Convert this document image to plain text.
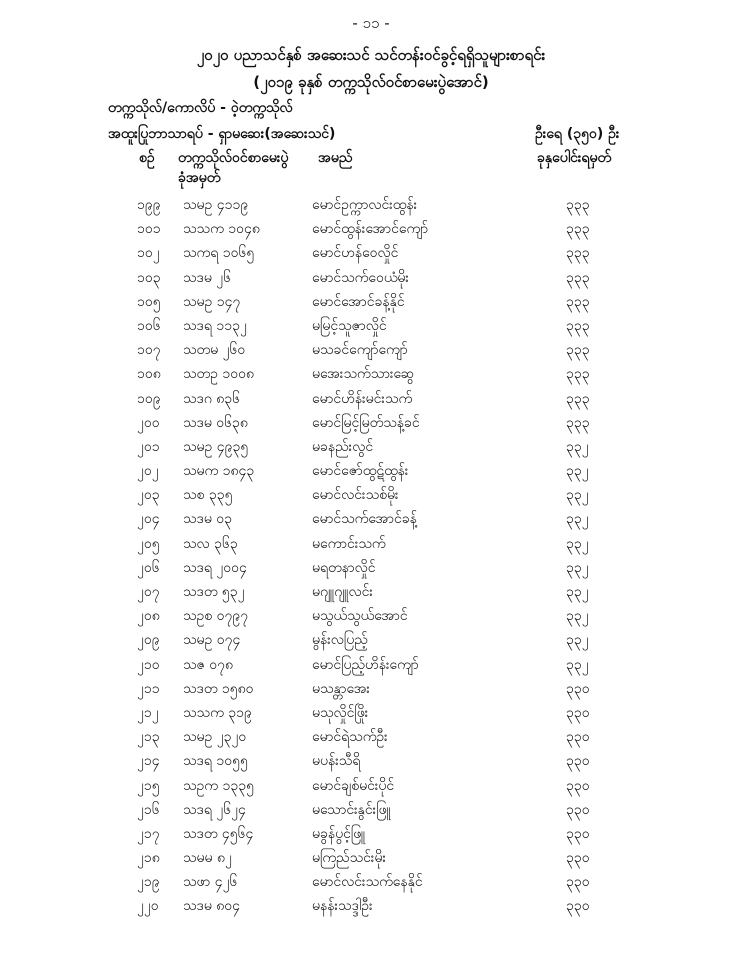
- ၁၁ -
၂၀၂၀ ပညာသင်နှစ် အဆေးသင် သင်တန်းဝင်ခွင့်ရရှိသူများစာရင်း
(၂၀၁၉ ခုနှစ် တက္ကသိုလ်ဝင်စာမေးပွဲအောင်)
တက္ကသိုလ်/ကောလိပ် - ဝဲ့တက္ကသိုလ်
အထူးပြုဘာသာရပ် - ရှာမဆေး(အဆေးသင်)	ဦးရေ (၃၅၀) ဦး
စဉ် တက္ကသိုလ်ဝင်စာမေးပွဲ
ခုံအမှတ်
အမည်	ခုနှပေါင်းရမှတ်
၁၉၉ သမဥ ၄၁၁၉	မောင်ဥက္ကာလင်းထွန်း	၃၃၃
၁၀၁ သသက ၁၀၄၈	မောင်ထွန်းအောင်ကျော်	၃၃၃
၁၀၂ သကရ ၁၀၆၅	မောင်ဟန်ဝေလှိုင်	၃၃၃
၁၀၃ သဒမ ၂၆	မောင်သက်ဝေယံမိုး	၃၃၃
၁၀၅ သမဥ ၁၄၇	မောင်အောင်ခန့်နိုင်	၃၃၃
၁၀၆ သဒရ ၁၁၃၂	မမြင့်သူဇာလှိုင်	၃၃၃
၁၀၇ သတမ ၂၆၀	မသခင်ကျော်ကျော်	၃၃၃
၁၀၈ သတဥ ၁၀၀၈	မအေးသက်သားဆွေ	၃၃၃
၁၀၉ သဒဂ ၈၃၆	မောင်ဟိန်းမင်းသက်	၃၃၃
၂၀၀ သဒမ ၀၆၃၈	မောင်မြင့်မြတ်သန့်ခင်	၃၃၃
၂၀၁ သမဥ ၄၉၃၅	မခနည်းလွင်	၃၃၂
၂၀၂ သမက ၁၈၄၃	မောင်ဇော်ထွဋ်ထွန်း	၃၃၂
၂၀၃ သစ ၃၃၅	မောင်လင်းသစ်မိုး	၃၃၂
၂၀၄ သဒမ ၀၃	မောင်သက်အောင်ခန့်	၃၃၂
၂၀၅ သလ ၃၆၃	မကောင်းသက်	၃၃၂
၂၀၆ သဒရ ၂၀၀၄	မရတနာလှိုင်	၃၃၂
၂၀၇ သဒတ ၅၃၂	မဂျူဂျူလင်း	၃၃၂
၂၀၈ သဥစ ၀၇၉၇	မသွယ်သွယ်အောင်	၃၃၂
၂၀၉ သမဥ ၀၇၄	မွန်းလပြည့်	၃၃၂
၂၁၀ သဇ ၀၇၈	မောင်ပြည့်ဟိန်းကျော်	၃၃၂
၂၁၁ သဒတ ၁၅၈၀	မသန္တာအေး	၃၃၀
၂၁၂ သသက ၃၁၉	မသုလှိုင်ဖြိုး	၃၃၀
၂၁၃ သမဥ ၂၃၂၀	မောင်ရဲသက်ဦး	၃၃၀
၂၁၄ သဒရ ၁၀၅၅	မပန်းသီရိ	၃၃၀
၂၁၅ သဥက ၁၃၃၅	မောင်ချစ်မင်းပိုင်	၃၃၀
၂၁၆ သဒရ ၂၆၂၄	မသောင်းနွင်းဖြူ	၃၃၀
၂၁၇ သဒတ ၄၅၆၄	မခွန်ပွင့်ဖြူ	၃၃၀
၂၁၈ သမမ ၈၂	မကြည်သင်းမိုး	၃၃၀
၂၁၉ သဖာ ၄၂၆	မောင်လင်းသက်နေနိုင်	၃၃၀
၂၂၀ သဒမ ၈၀၄	မနန်းသဒ္ဒါဦး	၃၃၀
